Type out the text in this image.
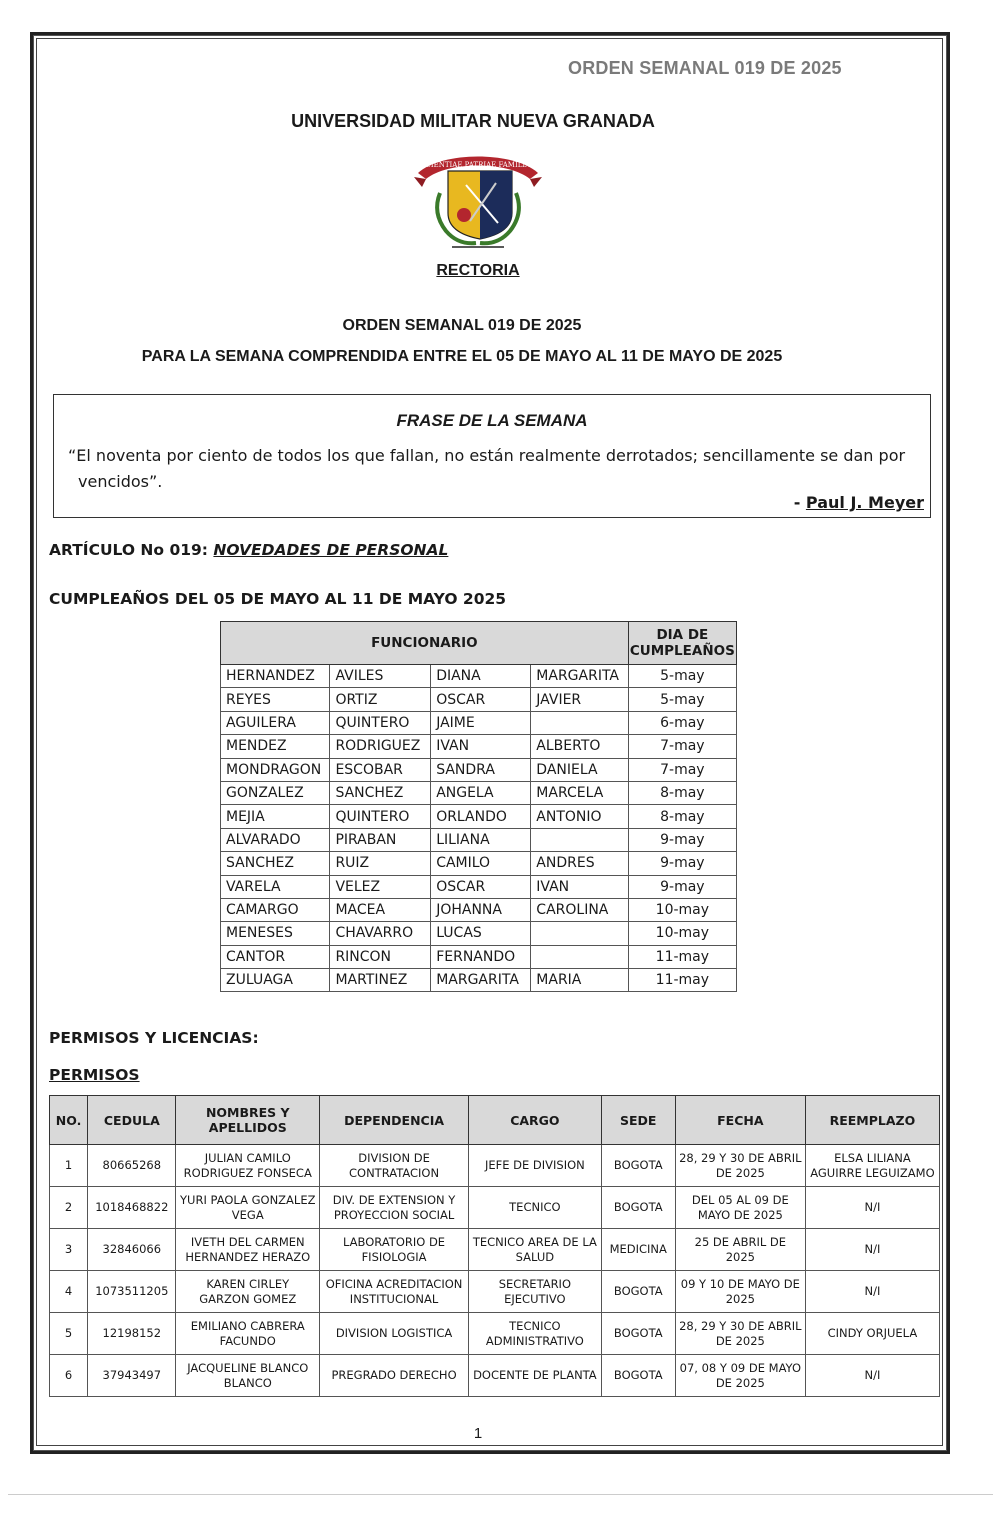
ORDEN SEMANAL 019 DE 2025
UNIVERSIDAD MILITAR NUEVA GRANADA
SCIENTIAE PATRIAE FAMILIAE
RECTORIA
ORDEN SEMANAL 019 DE 2025
PARA LA SEMANA COMPRENDIDA ENTRE EL 05 DE MAYO AL 11 DE MAYO DE 2025
FRASE DE LA SEMANA
“El noventa por ciento de todos los que fallan, no están realmente derrotados; sencillamente se dan por
vencidos”.
- Paul J. Meyer
ARTÍCULO No 019: NOVEDADES DE PERSONAL
CUMPLEAÑOS DEL 05 DE MAYO AL 11 DE MAYO 2025
FUNCIONARIO				DIA DE CUMPLEAÑOS
HERNANDEZ	AVILES	DIANA	MARGARITA	5-may
REYES	ORTIZ	OSCAR	JAVIER	5-may
AGUILERA	QUINTERO	JAIME		6-may
MENDEZ	RODRIGUEZ	IVAN	ALBERTO	7-may
MONDRAGON	ESCOBAR	SANDRA	DANIELA	7-may
GONZALEZ	SANCHEZ	ANGELA	MARCELA	8-may
MEJIA	QUINTERO	ORLANDO	ANTONIO	8-may
ALVARADO	PIRABAN	LILIANA		9-may
SANCHEZ	RUIZ	CAMILO	ANDRES	9-may
VARELA	VELEZ	OSCAR	IVAN	9-may
CAMARGO	MACEA	JOHANNA	CAROLINA	10-may
MENESES	CHAVARRO	LUCAS		10-may
CANTOR	RINCON	FERNANDO		11-may
ZULUAGA	MARTINEZ	MARGARITA	MARIA	11-may
PERMISOS Y LICENCIAS:
PERMISOS
NO.	CEDULA	NOMBRES Y APELLIDOS	DEPENDENCIA	CARGO	SEDE	FECHA	REEMPLAZO
1	80665268	JULIAN CAMILO RODRIGUEZ FONSECA	DIVISION DE CONTRATACION	JEFE DE DIVISION	BOGOTA	28, 29 Y 30 DE ABRIL DE 2025	ELSA LILIANA AGUIRRE LEGUIZAMO
2	1018468822	YURI PAOLA GONZALEZ VEGA	DIV. DE EXTENSION Y PROYECCION SOCIAL	TECNICO	BOGOTA	DEL 05 AL 09 DE MAYO DE 2025	N/I
3	32846066	IVETH DEL CARMEN HERNANDEZ HERAZO	LABORATORIO DE FISIOLOGIA	TECNICO AREA DE LA SALUD	MEDICINA	25 DE ABRIL DE 2025	N/I
4	1073511205	KAREN CIRLEY GARZON GOMEZ	OFICINA ACREDITACION INSTITUCIONAL	SECRETARIO EJECUTIVO	BOGOTA	09 Y 10 DE MAYO DE 2025	N/I
5	12198152	EMILIANO CABRERA FACUNDO	DIVISION LOGISTICA	TECNICO ADMINISTRATIVO	BOGOTA	28, 29 Y 30 DE ABRIL DE 2025	CINDY ORJUELA
6	37943497	JACQUELINE BLANCO BLANCO	PREGRADO DERECHO	DOCENTE DE PLANTA	BOGOTA	07, 08 Y 09 DE MAYO DE 2025	N/I
1
